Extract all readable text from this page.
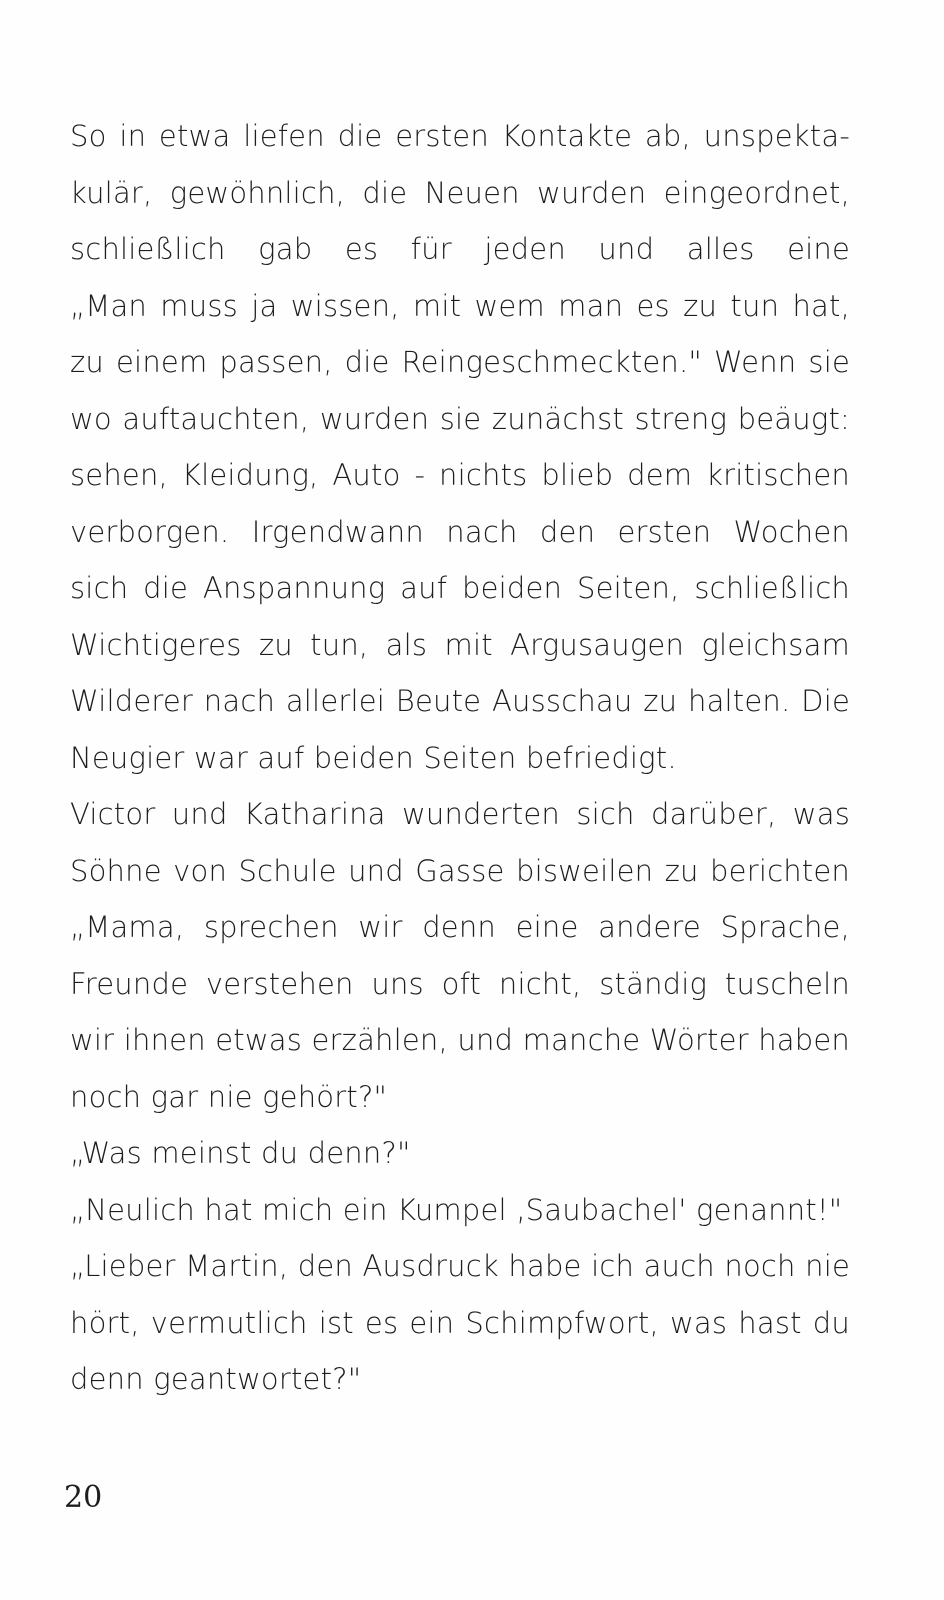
So in etwa liefen die ersten Kontakte ab, unspekta-
kulär, gewöhnlich, die Neuen wurden eingeordnet,
schließlich gab es für jeden und alles eine
„Man muss ja wissen, mit wem man es zu tun hat,
zu einem passen, die Reingeschmeckten." Wenn sie
wo auftauchten, wurden sie zunächst streng beäugt:
sehen, Kleidung, Auto - nichts blieb dem kritischen
verborgen. Irgendwann nach den ersten Wochen
sich die Anspannung auf beiden Seiten, schließlich
Wichtigeres zu tun, als mit Argusaugen gleichsam
Wilderer nach allerlei Beute Ausschau zu halten. Die
Neugier war auf beiden Seiten befriedigt.
Victor und Katharina wunderten sich darüber, was
Söhne von Schule und Gasse bisweilen zu berichten
„Mama, sprechen wir denn eine andere Sprache,
Freunde verstehen uns oft nicht, ständig tuscheln
wir ihnen etwas erzählen, und manche Wörter haben
noch gar nie gehört?"
„Was meinst du denn?"
„Neulich hat mich ein Kumpel ‚Saubachel' genannt!"
„Lieber Martin, den Ausdruck habe ich auch noch nie
hört, vermutlich ist es ein Schimpfwort, was hast du
denn geantwortet?"
20
